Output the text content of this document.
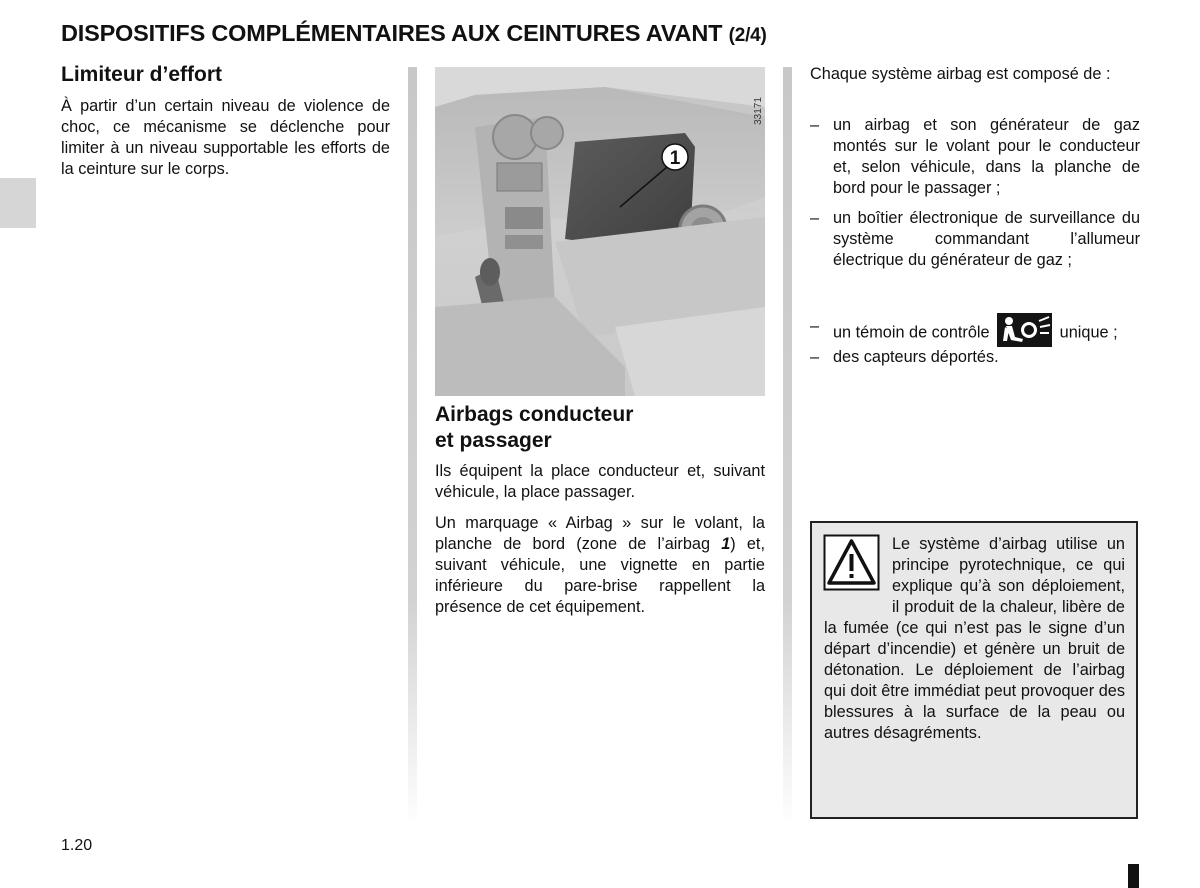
DISPOSITIFS COMPLÉMENTAIRES AUX CEINTURES AVANT (2/4)
Limiteur d’effort
À partir d’un certain niveau de violence de choc, ce mécanisme se déclenche pour limiter à un niveau supportable les efforts de la ceinture sur le corps.	1
33171
Airbags conducteur
et passager
Ils équipent la place conducteur et, suivant véhicule, la place passager.
Un marquage « Airbag » sur le volant, la planche de bord (zone de l’airbag 1) et, suivant véhicule, une vignette en partie inférieure du pare-brise rappellent la présence de cet équipement.
Chaque système airbag est composé de :
– un airbag et son générateur de gaz montés sur le volant pour le conducteur et, selon véhicule, dans la planche de bord pour le passager ;
– un boîtier électronique de surveillance du système commandant l’allumeur électrique du générateur de gaz ;
– un témoin de contrôle	unique ;
– des capteurs déportés.
Le système d’airbag utilise un principe pyrotechnique, ce qui explique qu’à son déploiement, il produit de la chaleur, libère de la fumée (ce qui n’est pas le signe d’un départ d’incendie) et génère un bruit de détonation. Le déploiement de l’airbag qui doit être immédiat peut provoquer des blessures à la surface de la peau ou autres désagréments.
1.20
